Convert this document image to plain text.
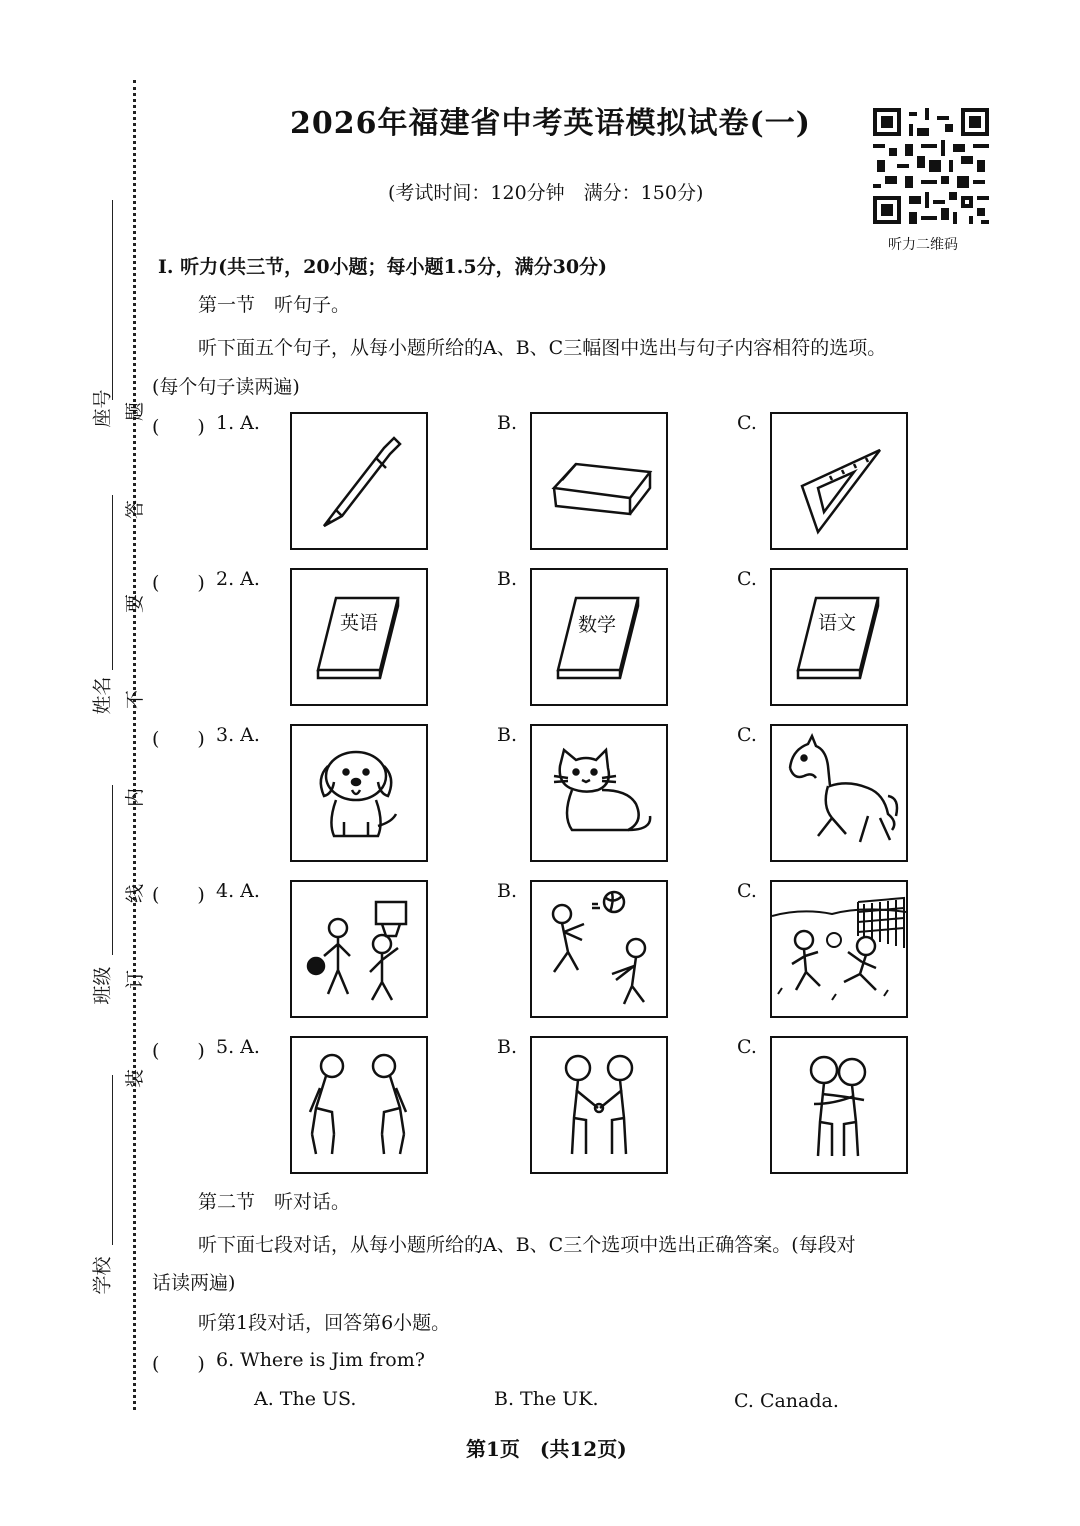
2026年福建省中考英语模拟试卷(一)
(考试时间：120分钟　满分：150分)
听力二维码
座号
姓名
班级
学校
题
答
要
不
内
线
订
装
I. 听力(共三节，20小题；每小题1.5分，满分30分)
第一节　听句子。
听下面五个句子，从每小题所给的A、B、C三幅图中选出与句子内容相符的选项。
(每个句子读两遍)
(　　) 1. A.	B.	C.
(　　) 2. A.	B.	C.
英语	数学	语文
(　　) 3. A.	B.	C.
(　　) 4. A.	B.	C.
(　　) 5. A.	B.	C.
第二节　听对话。
听下面七段对话，从每小题所给的A、B、C三个选项中选出正确答案。(每段对
话读两遍)
听第1段对话，回答第6小题。
(　　) 6. Where is Jim from?
A. The US.	B. The UK.	C. Canada.
第1页　(共12页)
